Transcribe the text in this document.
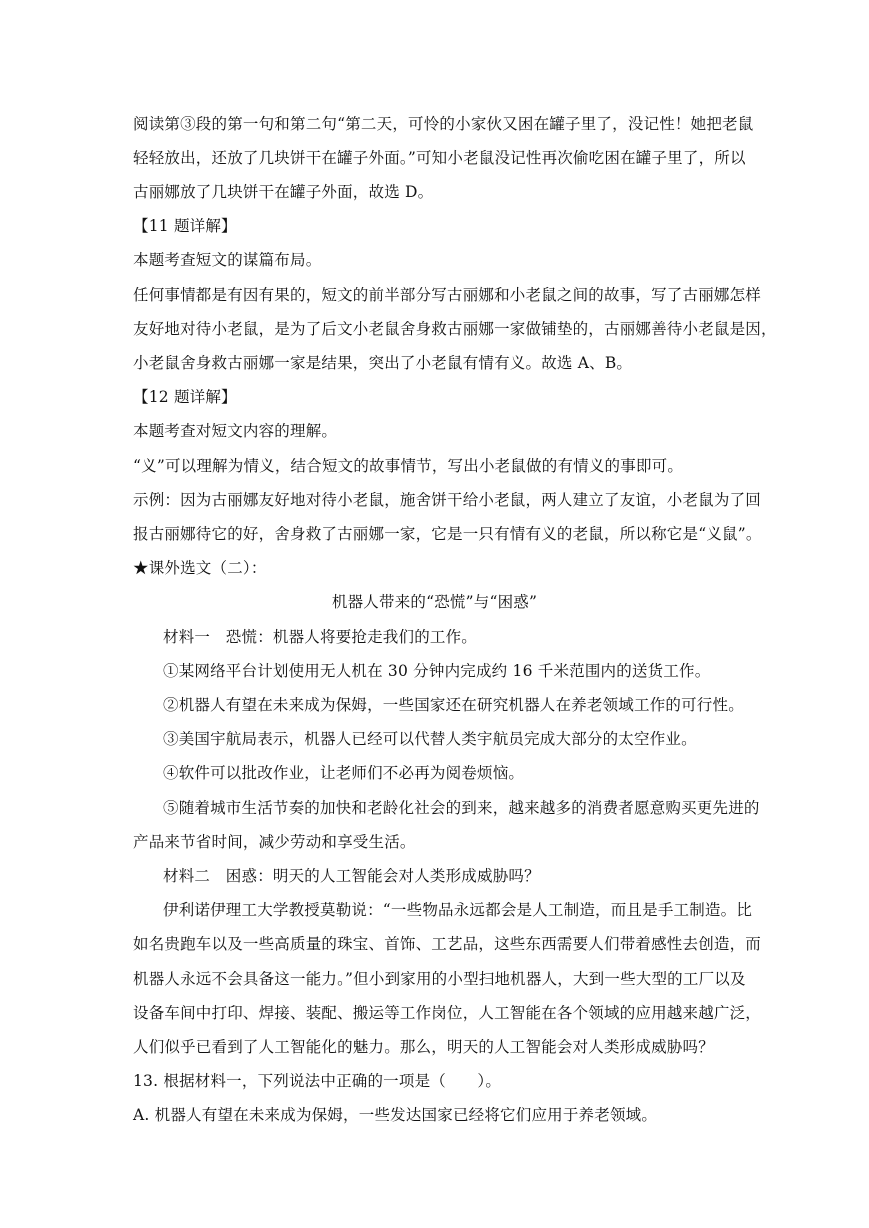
阅读第③段的第一句和第二句“第二天，可怜的小家伙又困在罐子里了，没记性！她把老鼠
轻轻放出，还放了几块饼干在罐子外面。”可知小老鼠没记性再次偷吃困在罐子里了，所以
古丽娜放了几块饼干在罐子外面，故选 D。
【11 题详解】
本题考查短文的谋篇布局。
任何事情都是有因有果的，短文的前半部分写古丽娜和小老鼠之间的故事，写了古丽娜怎样
友好地对待小老鼠，是为了后文小老鼠舍身救古丽娜一家做铺垫的，古丽娜善待小老鼠是因，
小老鼠舍身救古丽娜一家是结果，突出了小老鼠有情有义。故选 A、B。
【12 题详解】
本题考查对短文内容的理解。
“义”可以理解为情义，结合短文的故事情节，写出小老鼠做的有情义的事即可。
示例：因为古丽娜友好地对待小老鼠，施舍饼干给小老鼠，两人建立了友谊，小老鼠为了回
报古丽娜待它的好，舍身救了古丽娜一家，它是一只有情有义的老鼠，所以称它是“义鼠”。
★课外选文（二）：
机器人带来的“恐慌”与“困惑”
材料一　恐慌：机器人将要抢走我们的工作。
①某网络平台计划使用无人机在 30 分钟内完成约 16 千米范围内的送货工作。
②机器人有望在未来成为保姆，一些国家还在研究机器人在养老领域工作的可行性。
③美国宇航局表示，机器人已经可以代替人类宇航员完成大部分的太空作业。
④软件可以批改作业，让老师们不必再为阅卷烦恼。
⑤随着城市生活节奏的加快和老龄化社会的到来，越来越多的消费者愿意购买更先进的
产品来节省时间，减少劳动和享受生活。
材料二　困惑：明天的人工智能会对人类形成威胁吗？
伊利诺伊理工大学教授莫勒说：“一些物品永远都会是人工制造，而且是手工制造。比
如名贵跑车以及一些高质量的珠宝、首饰、工艺品，这些东西需要人们带着感性去创造，而
机器人永远不会具备这一能力。”但小到家用的小型扫地机器人，大到一些大型的工厂以及
设备车间中打印、焊接、装配、搬运等工作岗位，人工智能在各个领域的应用越来越广泛，
人们似乎已看到了人工智能化的魅力。那么，明天的人工智能会对人类形成威胁吗？
13. 根据材料一，下列说法中正确的一项是（　　）。
A. 机器人有望在未来成为保姆，一些发达国家已经将它们应用于养老领域。
